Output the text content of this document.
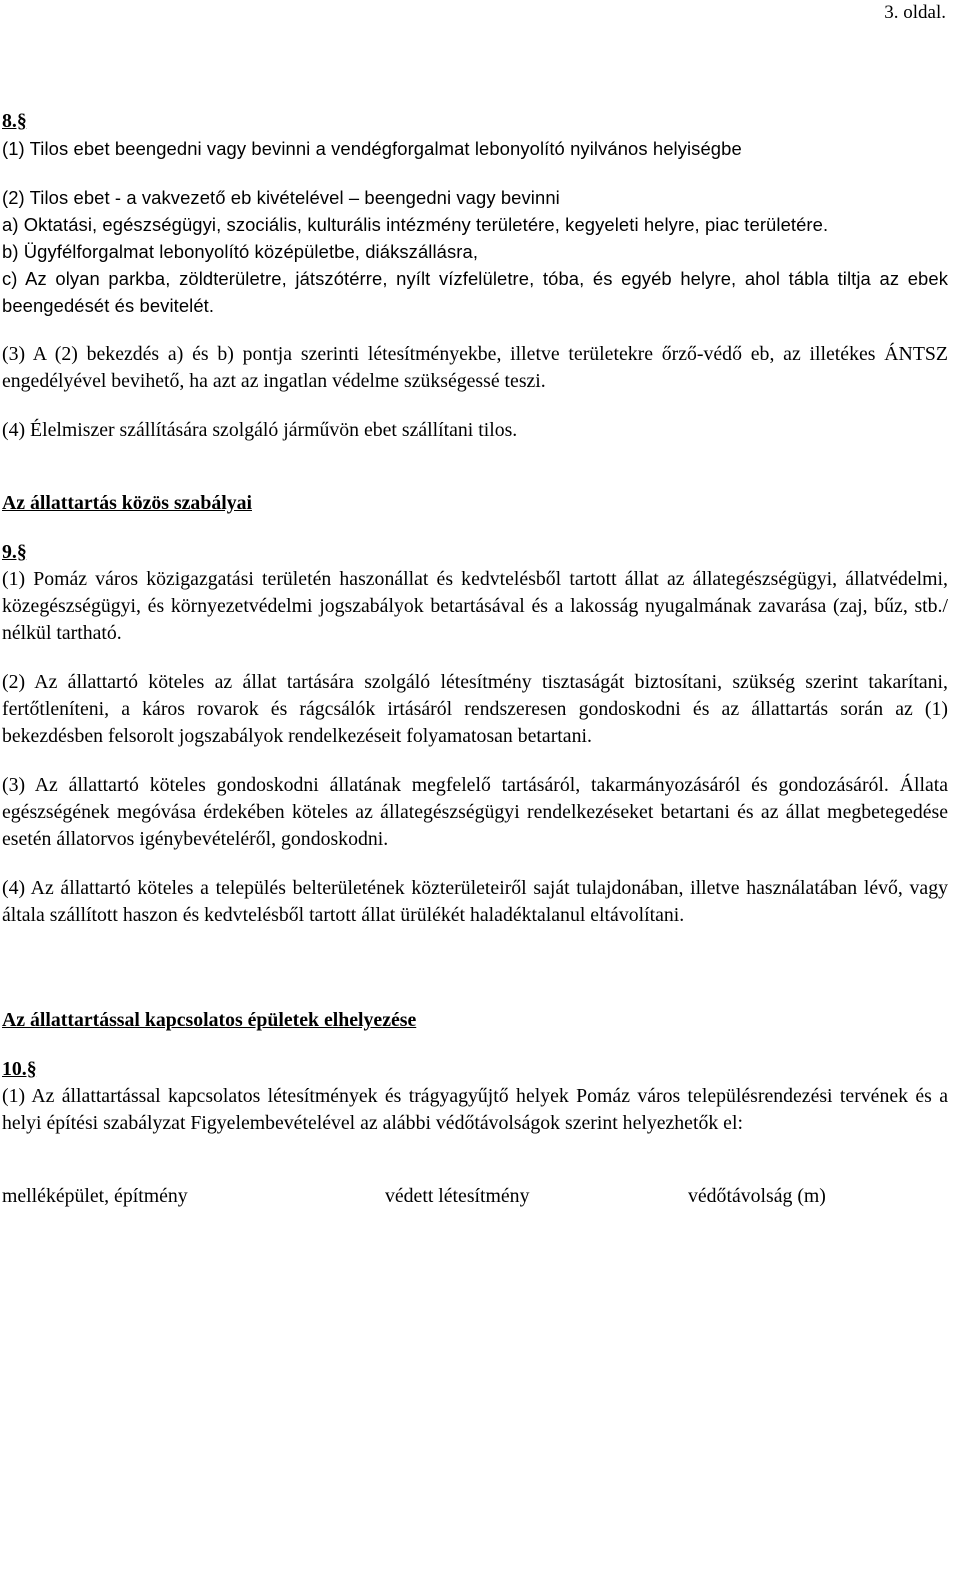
3. oldal.

8.§

(1) Tilos ebet beengedni vagy bevinni a vendégforgalmat lebonyolító nyilvános helyiségbe

(2) Tilos ebet - a vakvezető eb kivételével – beengedni vagy bevinni

a) Oktatási, egészségügyi, szociális, kulturális intézmény területére, kegyeleti helyre, piac területére.

b) Ügyfélforgalmat lebonyolító középületbe, diákszállásra,

c) Az olyan parkba, zöldterületre, játszótérre, nyílt vízfelületre, tóba, és egyéb helyre, ahol tábla tiltja az ebek beengedését és bevitelét.

(3) A (2) bekezdés a) és b) pontja szerinti létesítményekbe, illetve területekre őrző-védő eb, az illetékes ÁNTSZ engedélyével bevihető, ha azt az ingatlan védelme szükségessé teszi.

(4) Élelmiszer szállítására szolgáló járművön ebet szállítani tilos.

Az állattartás közös szabályai

9.§

(1) Pomáz város közigazgatási területén haszonállat és kedvtelésből tartott állat az állategészségügyi, állatvédelmi, közegészségügyi, és környezetvédelmi jogszabályok betartásával és a lakosság nyugalmának zavarása (zaj, bűz, stb./ nélkül tartható.

(2) Az állattartó köteles az állat tartására szolgáló létesítmény tisztaságát biztosítani, szükség szerint takarítani, fertőtleníteni, a káros rovarok és rágcsálók irtásáról rendszeresen gondoskodni és az állattartás során az (1) bekezdésben felsorolt jogszabályok rendelkezéseit folyamatosan betartani.

(3) Az állattartó köteles gondoskodni állatának megfelelő tartásáról, takarmányozásáról és gondozásáról. Állata egészségének megóvása érdekében köteles az állategészségügyi rendelkezéseket betartani és az állat megbetegedése esetén állatorvos igénybevételéről, gondoskodni.

(4) Az állattartó köteles a település belterületének közterületeiről saját tulajdonában, illetve használatában lévő, vagy általa szállított haszon és kedvtelésből tartott állat ürülékét haladéktalanul eltávolítani.

Az állattartással kapcsolatos épületek elhelyezése

10.§

(1) Az állattartással kapcsolatos létesítmények és trágyagyűjtő helyek Pomáz város településrendezési tervének és a helyi építési szabályzat Figyelembevételével az alábbi védőtávolságok szerint helyezhetők el:

melléképület, építmény	védett létesítmény	védőtávolság (m)
